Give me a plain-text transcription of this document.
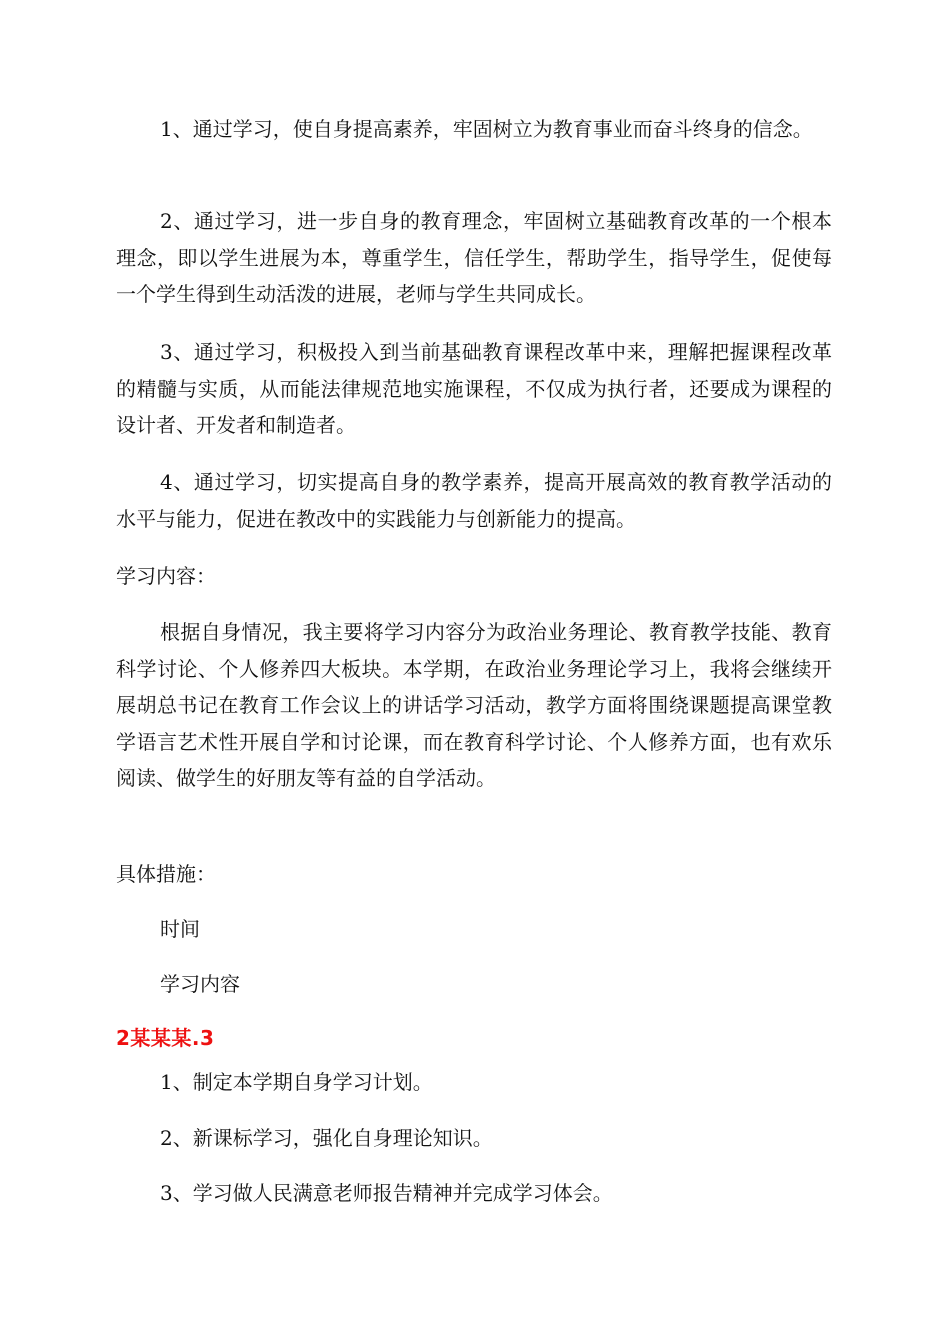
1、通过学习，使自身提高素养，牢固树立为教育事业而奋斗终身的信念。

2、通过学习，进一步自身的教育理念，牢固树立基础教育改革的一个根本理念，即以学生进展为本，尊重学生，信任学生，帮助学生，指导学生，促使每一个学生得到生动活泼的进展，老师与学生共同成长。

3、通过学习，积极投入到当前基础教育课程改革中来，理解把握课程改革的精髓与实质，从而能法律规范地实施课程，不仅成为执行者，还要成为课程的设计者、开发者和制造者。

4、通过学习，切实提高自身的教学素养，提高开展高效的教育教学活动的水平与能力，促进在教改中的实践能力与创新能力的提高。

学习内容：

根据自身情况，我主要将学习内容分为政治业务理论、教育教学技能、教育科学讨论、个人修养四大板块。本学期，在政治业务理论学习上，我将会继续开展胡总书记在教育工作会议上的讲话学习活动，教学方面将围绕课题提高课堂教学语言艺术性开展自学和讨论课，而在教育科学讨论、个人修养方面，也有欢乐阅读、做学生的好朋友等有益的自学活动。

具体措施：

时间

学习内容

2某某某.3

1、制定本学期自身学习计划。

2、新课标学习，强化自身理论知识。

3、学习做人民满意老师报告精神并完成学习体会。
